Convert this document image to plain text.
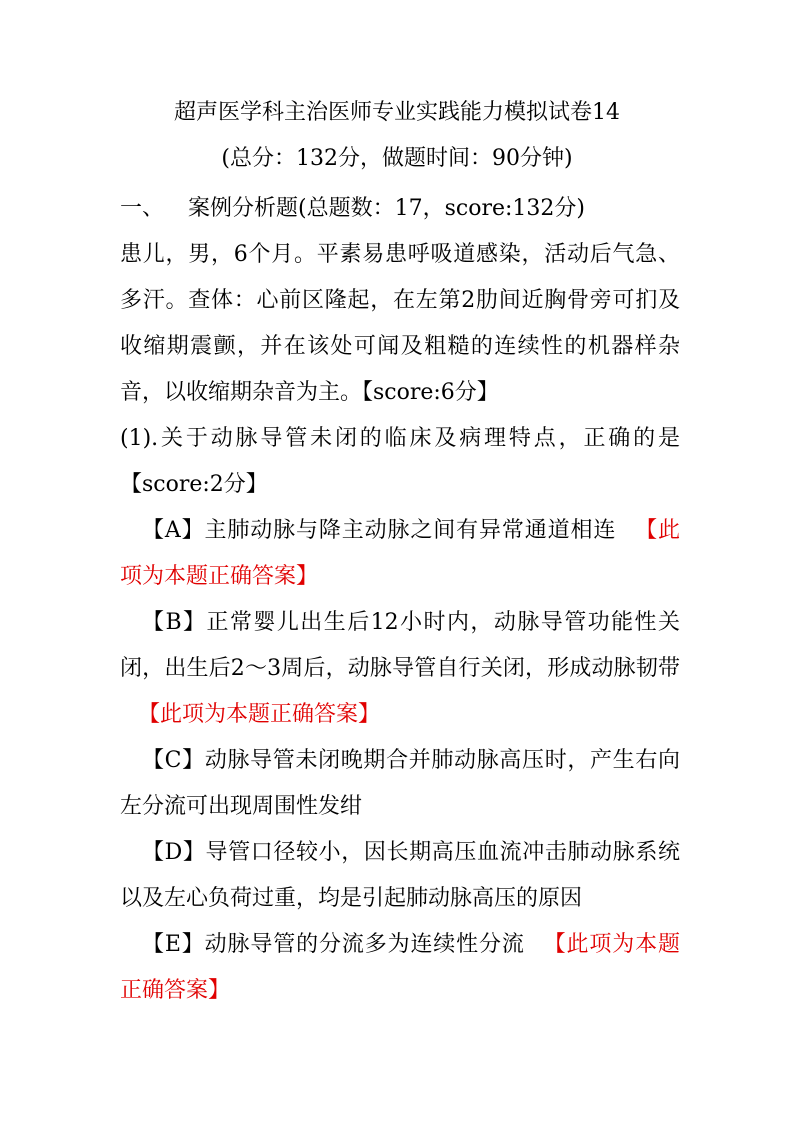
超声医学科主治医师专业实践能力模拟试卷14
(总分：132分，做题时间：90分钟)
一、 案例分析题(总题数：17，score:132分)
患儿，男，6个月。平素易患呼吸道感染，活动后气急、多汗。查体：心前区隆起，在左第2肋间近胸骨旁可扪及收缩期震颤，并在该处可闻及粗糙的连续性的机器样杂音，以收缩期杂音为主。【score:6分】
(1).关于动脉导管未闭的临床及病理特点，正确的是【score:2分】
【A】主肺动脉与降主动脉之间有异常通道相连 【此项为本题正确答案】
【B】正常婴儿出生后12小时内，动脉导管功能性关闭，出生后2～3周后，动脉导管自行关闭，形成动脉韧带【此项为本题正确答案】
【C】动脉导管未闭晚期合并肺动脉高压时，产生右向左分流可出现周围性发绀
【D】导管口径较小，因长期高压血流冲击肺动脉系统以及左心负荷过重，均是引起肺动脉高压的原因
【E】动脉导管的分流多为连续性分流 【此项为本题正确答案】
